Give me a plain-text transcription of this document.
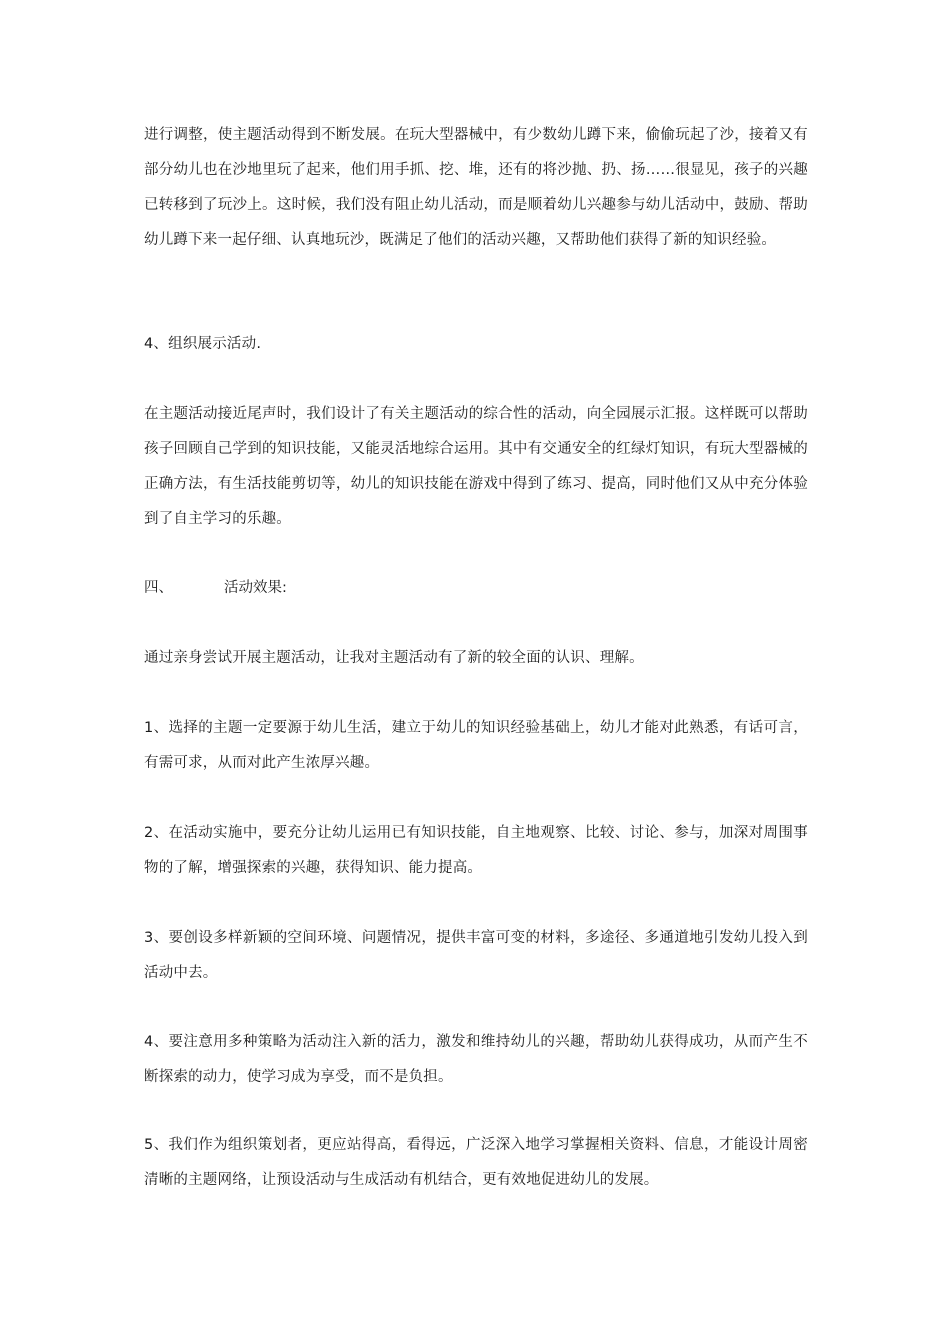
进行调整，使主题活动得到不断发展。在玩大型器械中，有少数幼儿蹲下来，偷偷玩起了沙，接着又有部分幼儿也在沙地里玩了起来，他们用手抓、挖、堆，还有的将沙抛、扔、扬……很显见，孩子的兴趣已转移到了玩沙上。这时候，我们没有阻止幼儿活动，而是顺着幼儿兴趣参与幼儿活动中，鼓励、帮助幼儿蹲下来一起仔细、认真地玩沙，既满足了他们的活动兴趣，又帮助他们获得了新的知识经验。

4、组织展示活动.

在主题活动接近尾声时，我们设计了有关主题活动的综合性的活动，向全园展示汇报。这样既可以帮助孩子回顾自己学到的知识技能，又能灵活地综合运用。其中有交通安全的红绿灯知识，有玩大型器械的正确方法，有生活技能剪切等，幼儿的知识技能在游戏中得到了练习、提高，同时他们又从中充分体验到了自主学习的乐趣。

四、	活动效果:

通过亲身尝试开展主题活动，让我对主题活动有了新的较全面的认识、理解。

1、选择的主题一定要源于幼儿生活，建立于幼儿的知识经验基础上，幼儿才能对此熟悉，有话可言，有需可求，从而对此产生浓厚兴趣。

2、在活动实施中，要充分让幼儿运用已有知识技能，自主地观察、比较、讨论、参与，加深对周围事物的了解，增强探索的兴趣，获得知识、能力提高。

3、要创设多样新颖的空间环境、问题情况，提供丰富可变的材料，多途径、多通道地引发幼儿投入到活动中去。

4、要注意用多种策略为活动注入新的活力，激发和维持幼儿的兴趣，帮助幼儿获得成功，从而产生不断探索的动力，使学习成为享受，而不是负担。

5、我们作为组织策划者，更应站得高，看得远，广泛深入地学习掌握相关资料、信息，才能设计周密清晰的主题网络，让预设活动与生成活动有机结合，更有效地促进幼儿的发展。
